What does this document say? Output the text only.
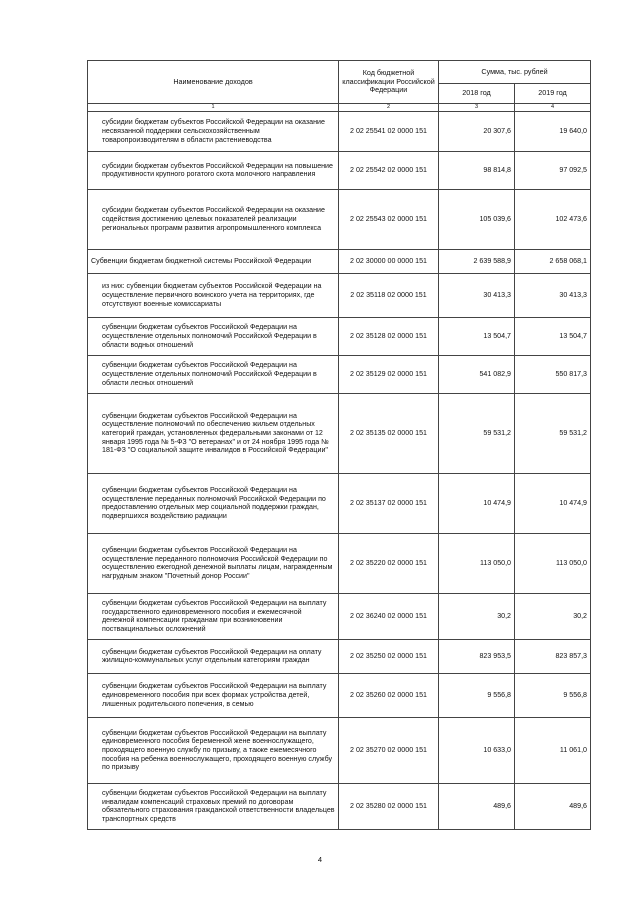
Наименование доходов	Код бюджетной классификации Российской Федерации	Сумма, тыс. рублей	
		2018 год	2019 год
1	2	3	4
субсидии бюджетам субъектов Российской Федерации на оказание несвязанной поддержки сельскохозяйственным товаропроизводителям в области растениеводства	2 02 25541 02 0000 151	20 307,6	19 640,0
субсидии бюджетам субъектов Российской Федерации на повышение продуктивности крупного рогатого скота молочного направления	2 02 25542 02 0000 151	98 814,8	97 092,5
субсидии бюджетам субъектов Российской Федерации на оказание содействия достижению целевых показателей реализации региональных программ развития агропромышленного комплекса	2 02 25543 02 0000 151	105 039,6	102 473,6
Субвенции бюджетам бюджетной системы Российской Федерации	2 02 30000 00 0000 151	2 639 588,9	2 658 068,1
из них: субвенции бюджетам субъектов Российской Федерации на осуществление первичного воинского учета на территориях, где отсутствуют военные комиссариаты	2 02 35118 02 0000 151	30 413,3	30 413,3
субвенции бюджетам субъектов Российской Федерации на осуществление отдельных полномочий Российской Федерации в области водных отношений	2 02 35128 02 0000 151	13 504,7	13 504,7
субвенции бюджетам субъектов Российской Федерации на осуществление отдельных полномочий Российской Федерации в области лесных отношений	2 02 35129 02 0000 151	541 082,9	550 817,3
субвенции бюджетам субъектов Российской Федерации на осуществление полномочий по обеспечению жильем отдельных категорий граждан, установленных федеральными законами от 12 января 1995 года № 5-ФЗ "О ветеранах" и от 24 ноября 1995 года № 181-ФЗ "О социальной защите инвалидов в Российской Федерации"	2 02 35135 02 0000 151	59 531,2	59 531,2
субвенции бюджетам субъектов Российской Федерации на осуществление переданных полномочий Российской Федерации по предоставлению отдельных мер социальной поддержки граждан, подвергшихся воздействию радиации	2 02 35137 02 0000 151	10 474,9	10 474,9
субвенции бюджетам субъектов Российской Федерации на осуществление переданного полномочия Российской Федерации по осуществлению ежегодной денежной выплаты лицам, награжденным нагрудным знаком "Почетный донор России"	2 02 35220 02 0000 151	113 050,0	113 050,0
субвенции бюджетам субъектов Российской Федерации на выплату государственного единовременного пособия и ежемесячной денежной компенсации гражданам при возникновении поствакцинальных осложнений	2 02 36240 02 0000 151	30,2	30,2
субвенции бюджетам субъектов Российской Федерации на оплату жилищно-коммунальных услуг отдельным категориям граждан	2 02 35250 02 0000 151	823 953,5	823 857,3
субвенции бюджетам субъектов Российской Федерации на выплату единовременного пособия при всех формах устройства детей, лишенных родительского попечения, в семью	2 02 35260 02 0000 151	9 556,8	9 556,8
субвенции бюджетам субъектов Российской Федерации на выплату единовременного пособия беременной жене военнослужащего, проходящего военную службу по призыву, а также ежемесячного пособия на ребенка военнослужащего, проходящего военную службу по призыву	2 02 35270 02 0000 151	10 633,0	11 061,0
субвенции бюджетам субъектов Российской Федерации на выплату инвалидам компенсаций страховых премий по договорам обязательного страхования гражданской ответственности владельцев транспортных средств	2 02 35280 02 0000 151	489,6	489,6
4
